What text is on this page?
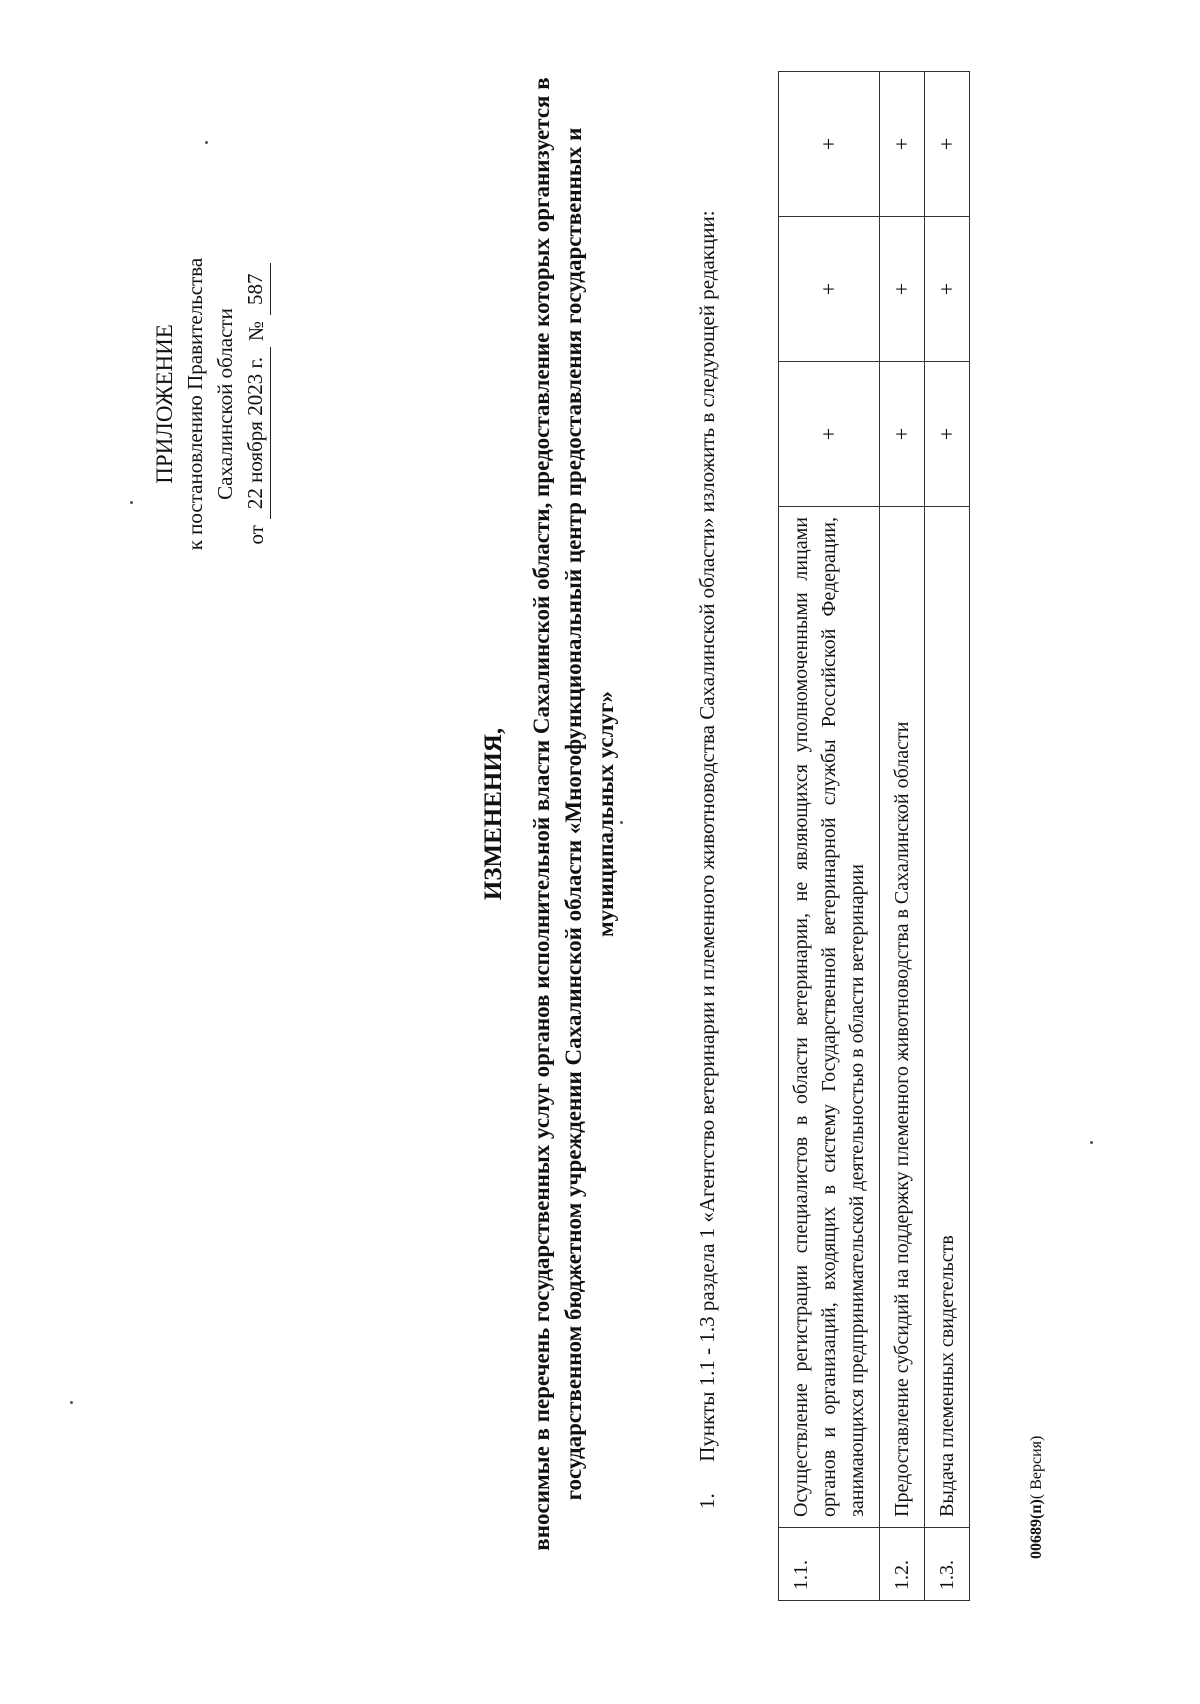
ПРИЛОЖЕНИЕ к постановлению Правительства Сахалинской области
от
22 ноября 2023 г.
№
587
ИЗМЕНЕНИЯ, вносимые в перечень государственных услуг органов исполнительной власти Сахалинской области, предоставление которых организуется в государственном бюджетном учреждении Сахалинской области «Многофункциональный центр предоставления государственных и муниципальных услуг»
1.      Пункты 1.1 - 1.3 раздела 1 «Агентство ветеринарии и племенного животноводства Сахалинской области» изложить в следующей редакции:
1.1.	Осуществление регистрации специалистов в области ветеринарии, не являющихся уполномоченными лицами органов и организаций, входящих в систему Государственной ветеринарной службы Российской Федерации, занимающихся предпринимательской деятельностью в области ветеринарии	+	+	+
1.2.	Предоставление субсидий на поддержку племенного животноводства в Сахалинской области	+	+	+
1.3.	Выдача племенных свидетельств	+	+	+
00689(п)( Версия)
